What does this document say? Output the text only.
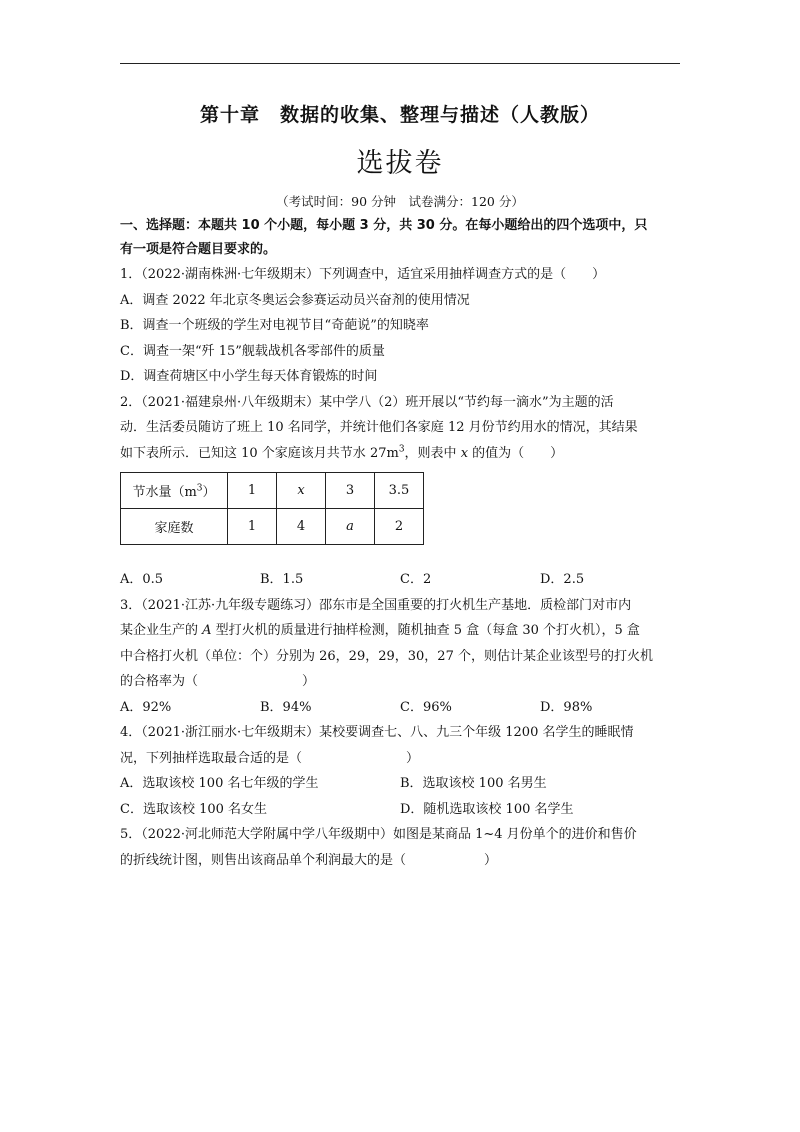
第十章　数据的收集、整理与描述（人教版）
选拔卷
（考试时间：90 分钟　试卷满分：120 分）
一、选择题：本题共 10 个小题，每小题 3 分，共 30 分。在每小题给出的四个选项中，只
有一项是符合题目要求的。
1．（2022·湖南株洲·七年级期末）下列调查中，适宜采用抽样调查方式的是（　　）
A．调查 2022 年北京冬奥运会参赛运动员兴奋剂的使用情况
B．调查一个班级的学生对电视节目“奇葩说”的知晓率
C．调查一架“歼 15”舰载战机各零部件的质量
D．调查荷塘区中小学生每天体育锻炼的时间
2．（2021·福建泉州·八年级期末）某中学八（2）班开展以“节约每一滴水”为主题的活
动．生活委员随访了班上 10 名同学，并统计他们各家庭 12 月份节约用水的情况，其结果
如下表所示．已知这 10 个家庭该月共节水 $27m^3$，则表中 x 的值为（　　）
节水量$(m^3)$	1	x	3	3.5
家庭数	1	4	a	2
A．0.5	B．1.5	C．2	D．2.5
3．（2021·江苏·九年级专题练习）邵东市是全国重要的打火机生产基地．质检部门对市内
某企业生产的 A 型打火机的质量进行抽样检测，随机抽查 5 盒（每盒 30 个打火机），5 盒
中合格打火机（单位：个）分别为 26，29，29，30，27 个，则估计某企业该型号的打火机
的合格率为（　　　　　　　　）
A．92%	B．94%	C．96%	D．98%
4．（2021·浙江丽水·七年级期末）某校要调查七、八、九三个年级 1200 名学生的睡眠情
况，下列抽样选取最合适的是（　　　　　　　　）
A．选取该校 100 名七年级的学生	B．选取该校 100 名男生
C．选取该校 100 名女生	D．随机选取该校 100 名学生
5．（2022·河北师范大学附属中学八年级期中）如图是某商品 1~4 月份单个的进价和售价
的折线统计图，则售出该商品单个利润最大的是（　　　　　　）
